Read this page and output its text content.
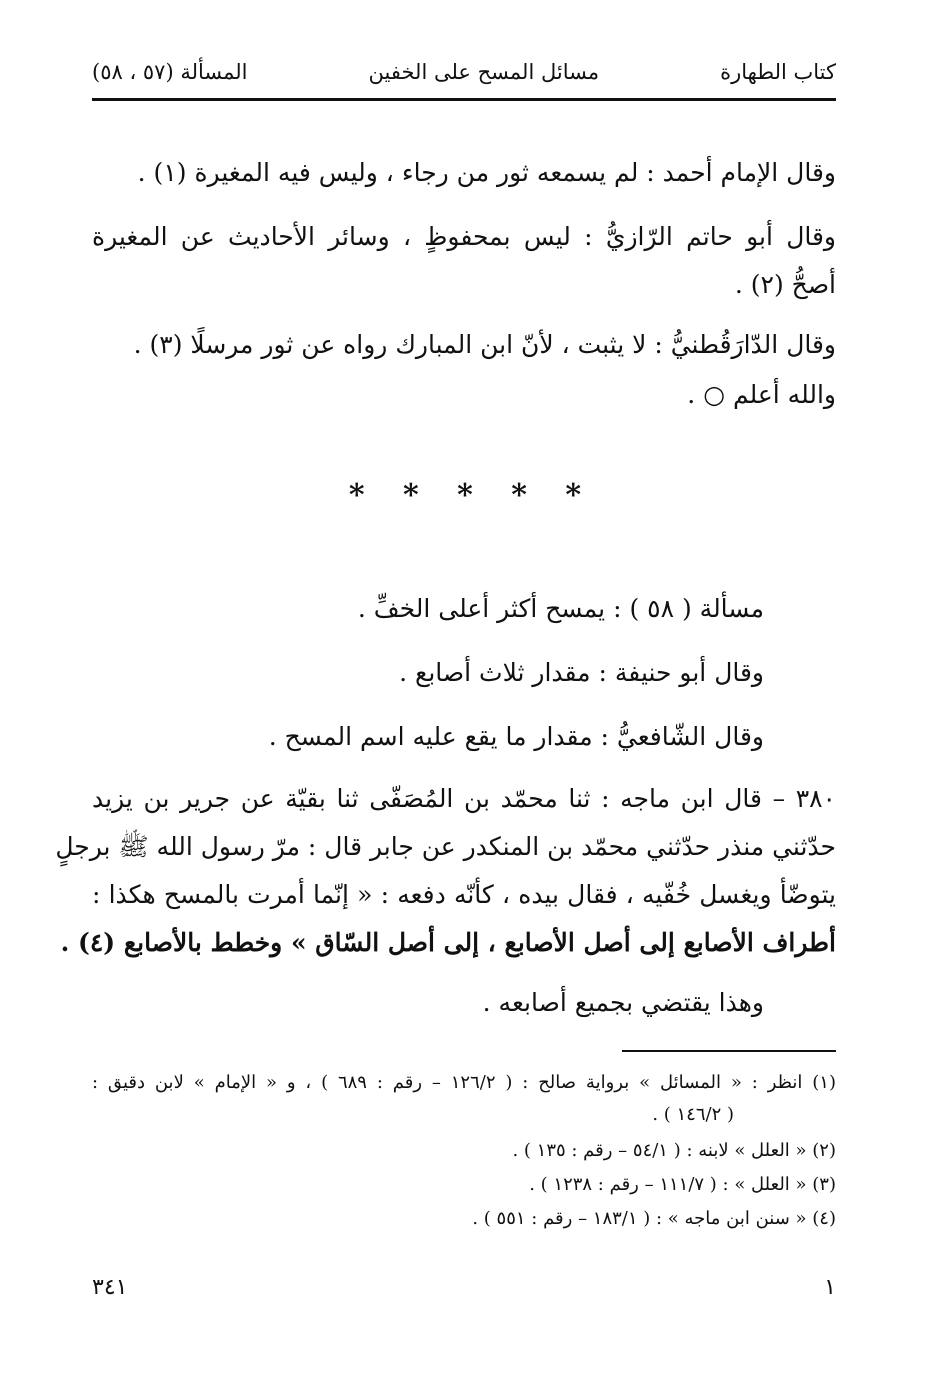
كتاب الطهارة
مسائل المسح على الخفين
المسألة (٥٧ ، ٥٨)
وقال الإمام أحمد : لم يسمعه ثور من رجاء ، وليس فيه المغيرة (١) .
وقال أبو حاتم الرّازيُّ : ليس بمحفوظٍ ، وسائر الأحاديث عن المغيرة
أصحُّ (٢) .
وقال الدّارَقُطنيُّ : لا يثبت ، لأنّ ابن المبارك رواه عن ثور مرسلًا (٣) .
والله أعلم ○ .
* * * * *
مسألة ( ٥٨ ) : يمسح أكثر أعلى الخفِّ .
وقال أبو حنيفة : مقدار ثلاث أصابع .
وقال الشّافعيُّ : مقدار ما يقع عليه اسم المسح .
٣٨٠ – قال ابن ماجه : ثنا محمّد بن المُصَفّى ثنا بقيّة عن جرير بن يزيد
حدّثني منذر حدّثني محمّد بن المنكدر عن جابر قال : مرّ رسول الله ﷺ برجلٍ
يتوضّأ ويغسل خُفّيه ، فقال بيده ، كأنّه دفعه : « إنّما أمرت بالمسح هكذا :
أطراف الأصابع إلى أصل الأصابع ، إلى أصل السّاق » وخطط بالأصابع (٤) .
وهذا يقتضي بجميع أصابعه .
(١) انظر : « المسائل » برواية صالح : ( ١٢٦/٢ – رقم : ٦٨٩ ) ، و « الإمام » لابن دقيق :
( ١٤٦/٢ ) .
(٢) « العلل » لابنه : ( ٥٤/١ – رقم : ١٣٥ ) .
(٣) « العلل » : ( ١١١/٧ – رقم : ١٢٣٨ ) .
(٤) « سنن ابن ماجه » : ( ١٨٣/١ – رقم : ٥٥١ ) .
١
٣٤١
